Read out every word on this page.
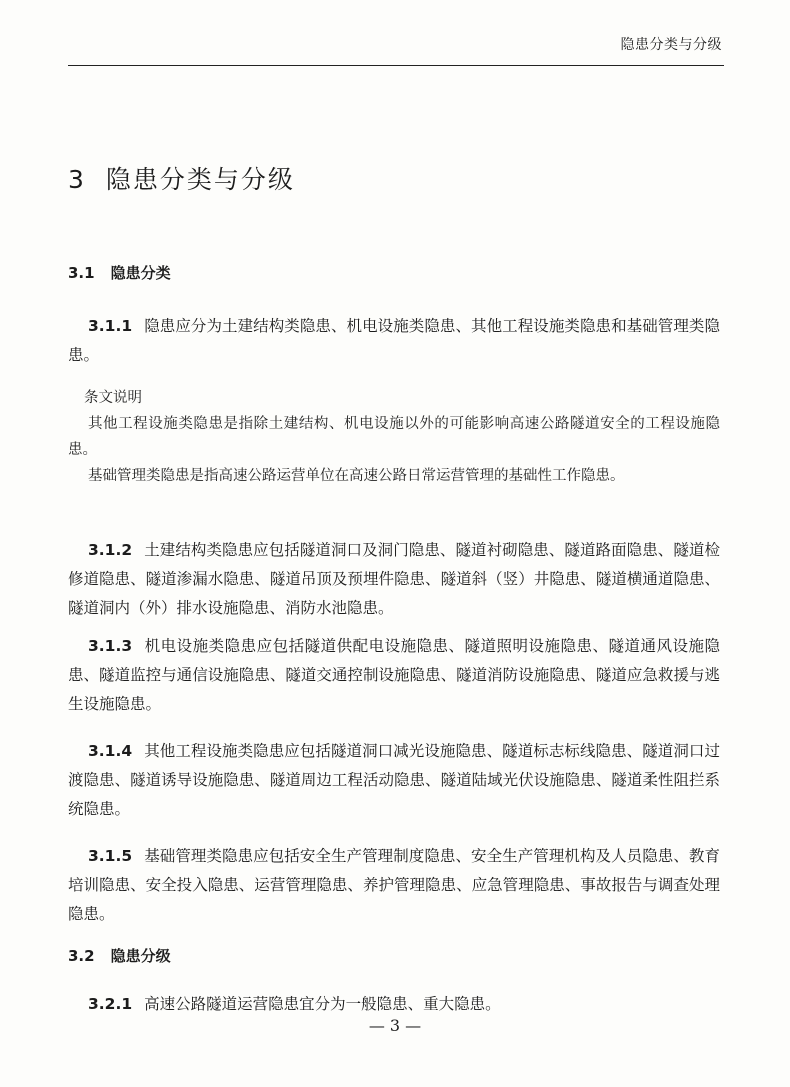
隐患分类与分级
3 隐患分类与分级
3.1 隐患分类
3.1.1 隐患应分为土建结构类隐患、机电设施类隐患、其他工程设施类隐患和基础管理类隐患。

条文说明

其他工程设施类隐患是指除土建结构、机电设施以外的可能影响高速公路隧道安全的工程设施隐患。

基础管理类隐患是指高速公路运营单位在高速公路日常运营管理的基础性工作隐患。

3.1.2 土建结构类隐患应包括隧道洞口及洞门隐患、隧道衬砌隐患、隧道路面隐患、隧道检修道隐患、隧道渗漏水隐患、隧道吊顶及预埋件隐患、隧道斜（竖）井隐患、隧道横通道隐患、隧道洞内（外）排水设施隐患、消防水池隐患。
3.1.3 机电设施类隐患应包括隧道供配电设施隐患、隧道照明设施隐患、隧道通风设施隐患、隧道监控与通信设施隐患、隧道交通控制设施隐患、隧道消防设施隐患、隧道应急救援与逃生设施隐患。
3.1.4 其他工程设施类隐患应包括隧道洞口减光设施隐患、隧道标志标线隐患、隧道洞口过渡隐患、隧道诱导设施隐患、隧道周边工程活动隐患、隧道陆域光伏设施隐患、隧道柔性阻拦系统隐患。
3.1.5 基础管理类隐患应包括安全生产管理制度隐患、安全生产管理机构及人员隐患、教育培训隐患、安全投入隐患、运营管理隐患、养护管理隐患、应急管理隐患、事故报告与调查处理隐患。
3.2 隐患分级
3.2.1 高速公路隧道运营隐患宜分为一般隐患、重大隐患。
— 3 —
